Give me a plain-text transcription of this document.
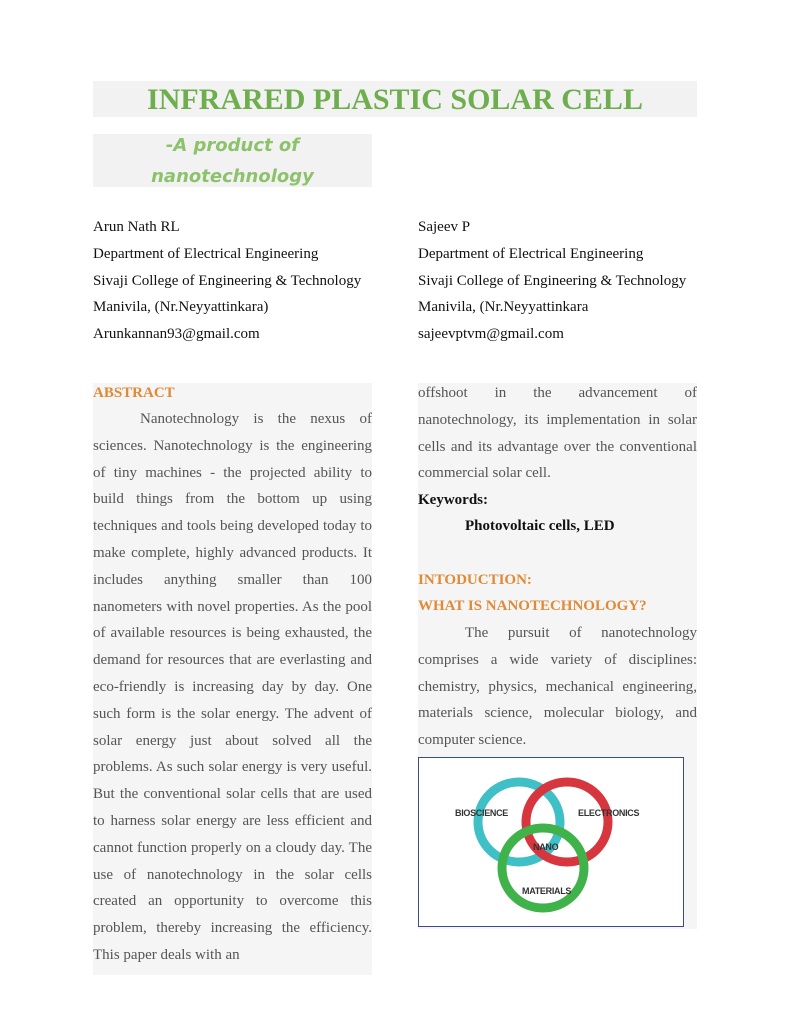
INFRARED PLASTIC SOLAR CELL
-A product of
nanotechnology
Arun Nath RL
Department of Electrical Engineering
Sivaji College of Engineering & Technology
Manivila, (Nr.Neyyattinkara)
Arunkannan93@gmail.com
Sajeev P
Department of Electrical Engineering
Sivaji College of Engineering & Technology
Manivila, (Nr.Neyyattinkara
sajeevptvm@gmail.com
ABSTRACT
Nanotechnology is the nexus of sciences. Nanotechnology is the engineering of tiny machines - the projected ability to build things from the bottom up using techniques and tools being developed today to make complete, highly advanced products. It includes anything smaller than 100 nanometers with novel properties. As the pool of available resources is being exhausted, the demand for resources that are everlasting and eco-friendly is increasing day by day. One such form is the solar energy. The advent of solar energy just about solved all the problems. As such solar energy is very useful. But the conventional solar cells that are used to harness solar energy are less efficient and cannot function properly on a cloudy day. The use of nanotechnology in the solar cells created an opportunity to overcome this problem, thereby increasing the efficiency. This paper deals with an
offshoot in the advancement of nanotechnology, its implementation in solar cells and its advantage over the conventional commercial solar cell.
Keywords:
Photovoltaic cells, LED
INTODUCTION:
WHAT IS NANOTECHNOLOGY?
The pursuit of nanotechnology comprises a wide variety of disciplines: chemistry, physics, mechanical engineering, materials science, molecular biology, and computer science.
BIOSCIENCE	ELECTRONICS
NANO
MATERIALS
